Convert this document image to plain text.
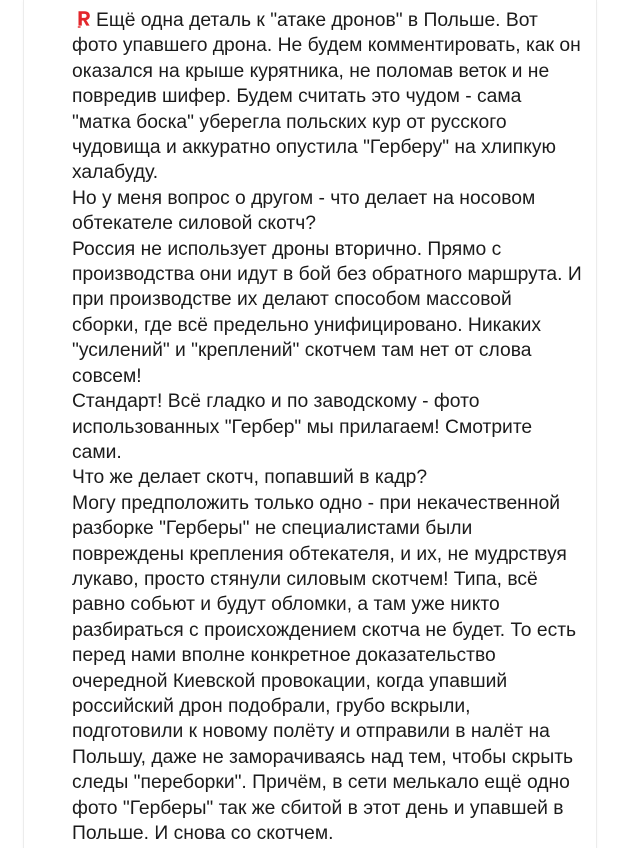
Ещё одна деталь к "атаке дронов" в Польше. Вот фото упавшего дрона. Не будем комментировать, как он оказался на крыше курятника, не поломав веток и не повредив шифер. Будем считать это чудом - сама "матка боска" уберегла польских кур от русского чудовища и аккуратно опустила "Герберу" на хлипкую халабуду.

Но у меня вопрос о другом - что делает на носовом обтекателе силовой скотч?

Россия не использует дроны вторично. Прямо с производства они идут в бой без обратного маршрута. И при производстве их делают способом массовой сборки, где всё предельно унифицировано. Никаких "усилений" и "креплений" скотчем там нет от слова совсем!

Стандарт! Всё гладко и по заводскому - фото использованных "Гербер" мы прилагаем! Смотрите сами.

Что же делает скотч, попавший в кадр?

Могу предположить только одно - при некачественной разборке "Герберы" не специалистами были повреждены крепления обтекателя, и их, не мудрствуя лукаво, просто стянули силовым скотчем! Типа, всё равно собьют и будут обломки, а там уже никто разбираться с происхождением скотча не будет. То есть перед нами вполне конкретное доказательство очередной Киевской провокации, когда упавший российский дрон подобрали, грубо вскрыли, подготовили к новому полёту и отправили в налёт на Польшу, даже не заморачиваясь над тем, чтобы скрыть следы "переборки". Причём, в сети мелькало ещё одно фото "Герберы" так же сбитой в этот день и упавшей в Польше. И снова со скотчем.
